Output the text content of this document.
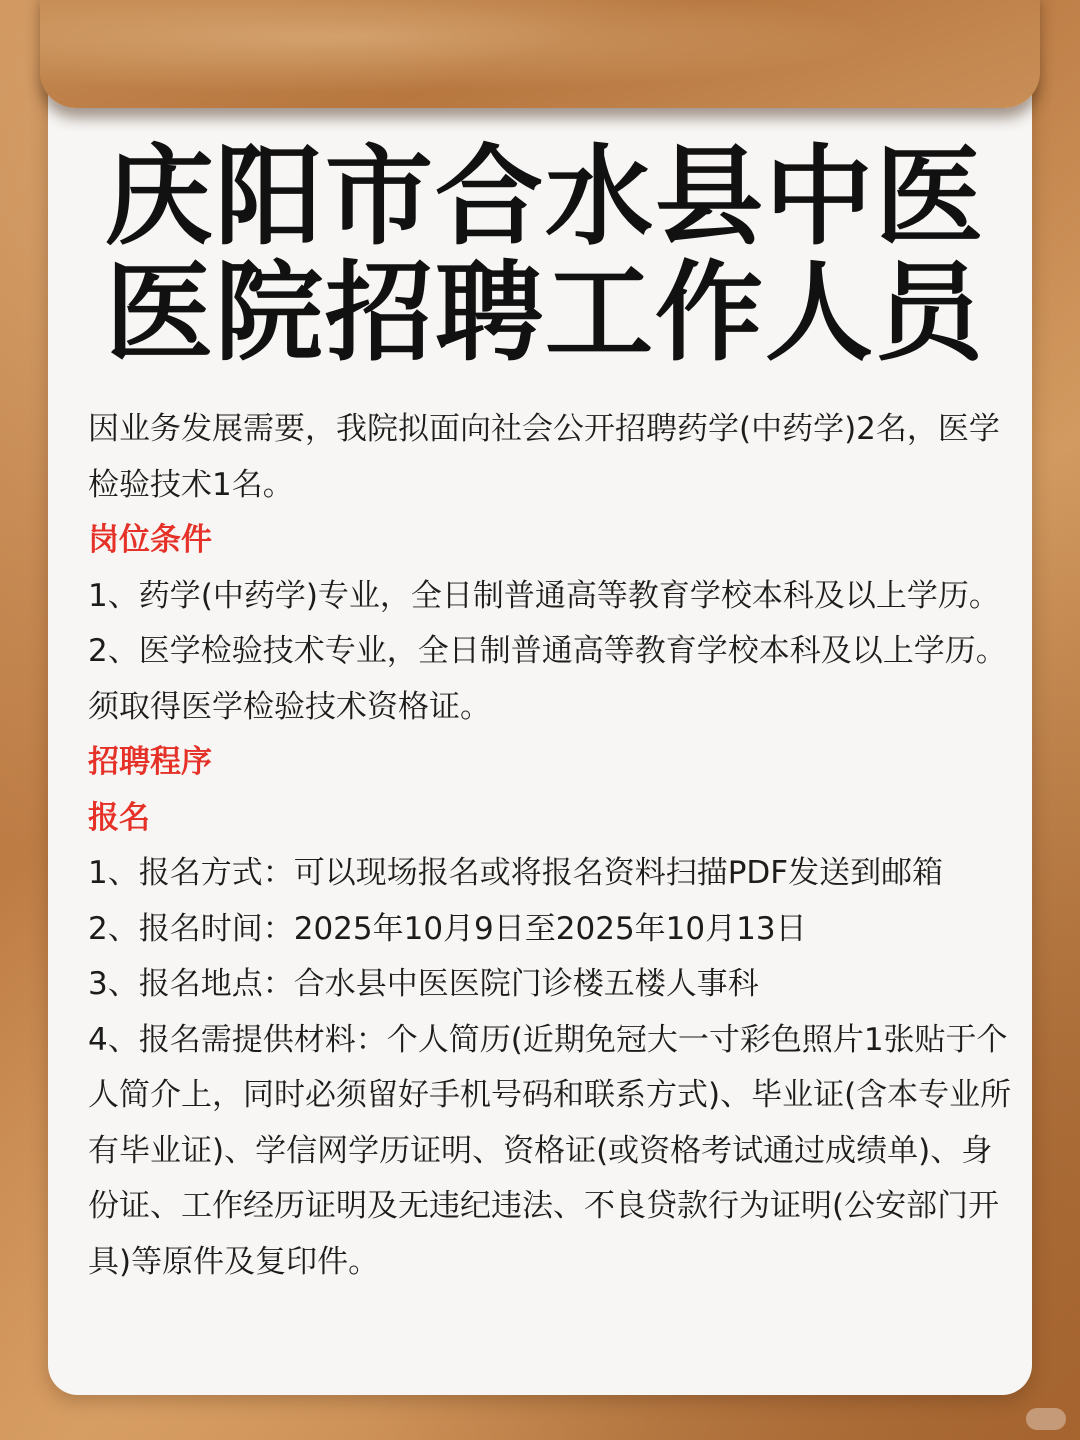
庆阳市合水县中医医院招聘工作人员

因业务发展需要，我院拟面向社会公开招聘药学(中药学)2名，医学检验技术1名。

岗位条件

1、药学(中药学)专业，全日制普通高等教育学校本科及以上学历。

2、医学检验技术专业，全日制普通高等教育学校本科及以上学历。须取得医学检验技术资格证。

招聘程序

报名

1、报名方式：可以现场报名或将报名资料扫描PDF发送到邮箱

2、报名时间：2025年10月9日至2025年10月13日

3、报名地点：合水县中医医院门诊楼五楼人事科

4、报名需提供材料：个人简历(近期免冠大一寸彩色照片1张贴于个人简介上，同时必须留好手机号码和联系方式)、毕业证(含本专业所有毕业证)、学信网学历证明、资格证(或资格考试通过成绩单)、身份证、工作经历证明及无违纪违法、不良贷款行为证明(公安部门开具)等原件及复印件。
